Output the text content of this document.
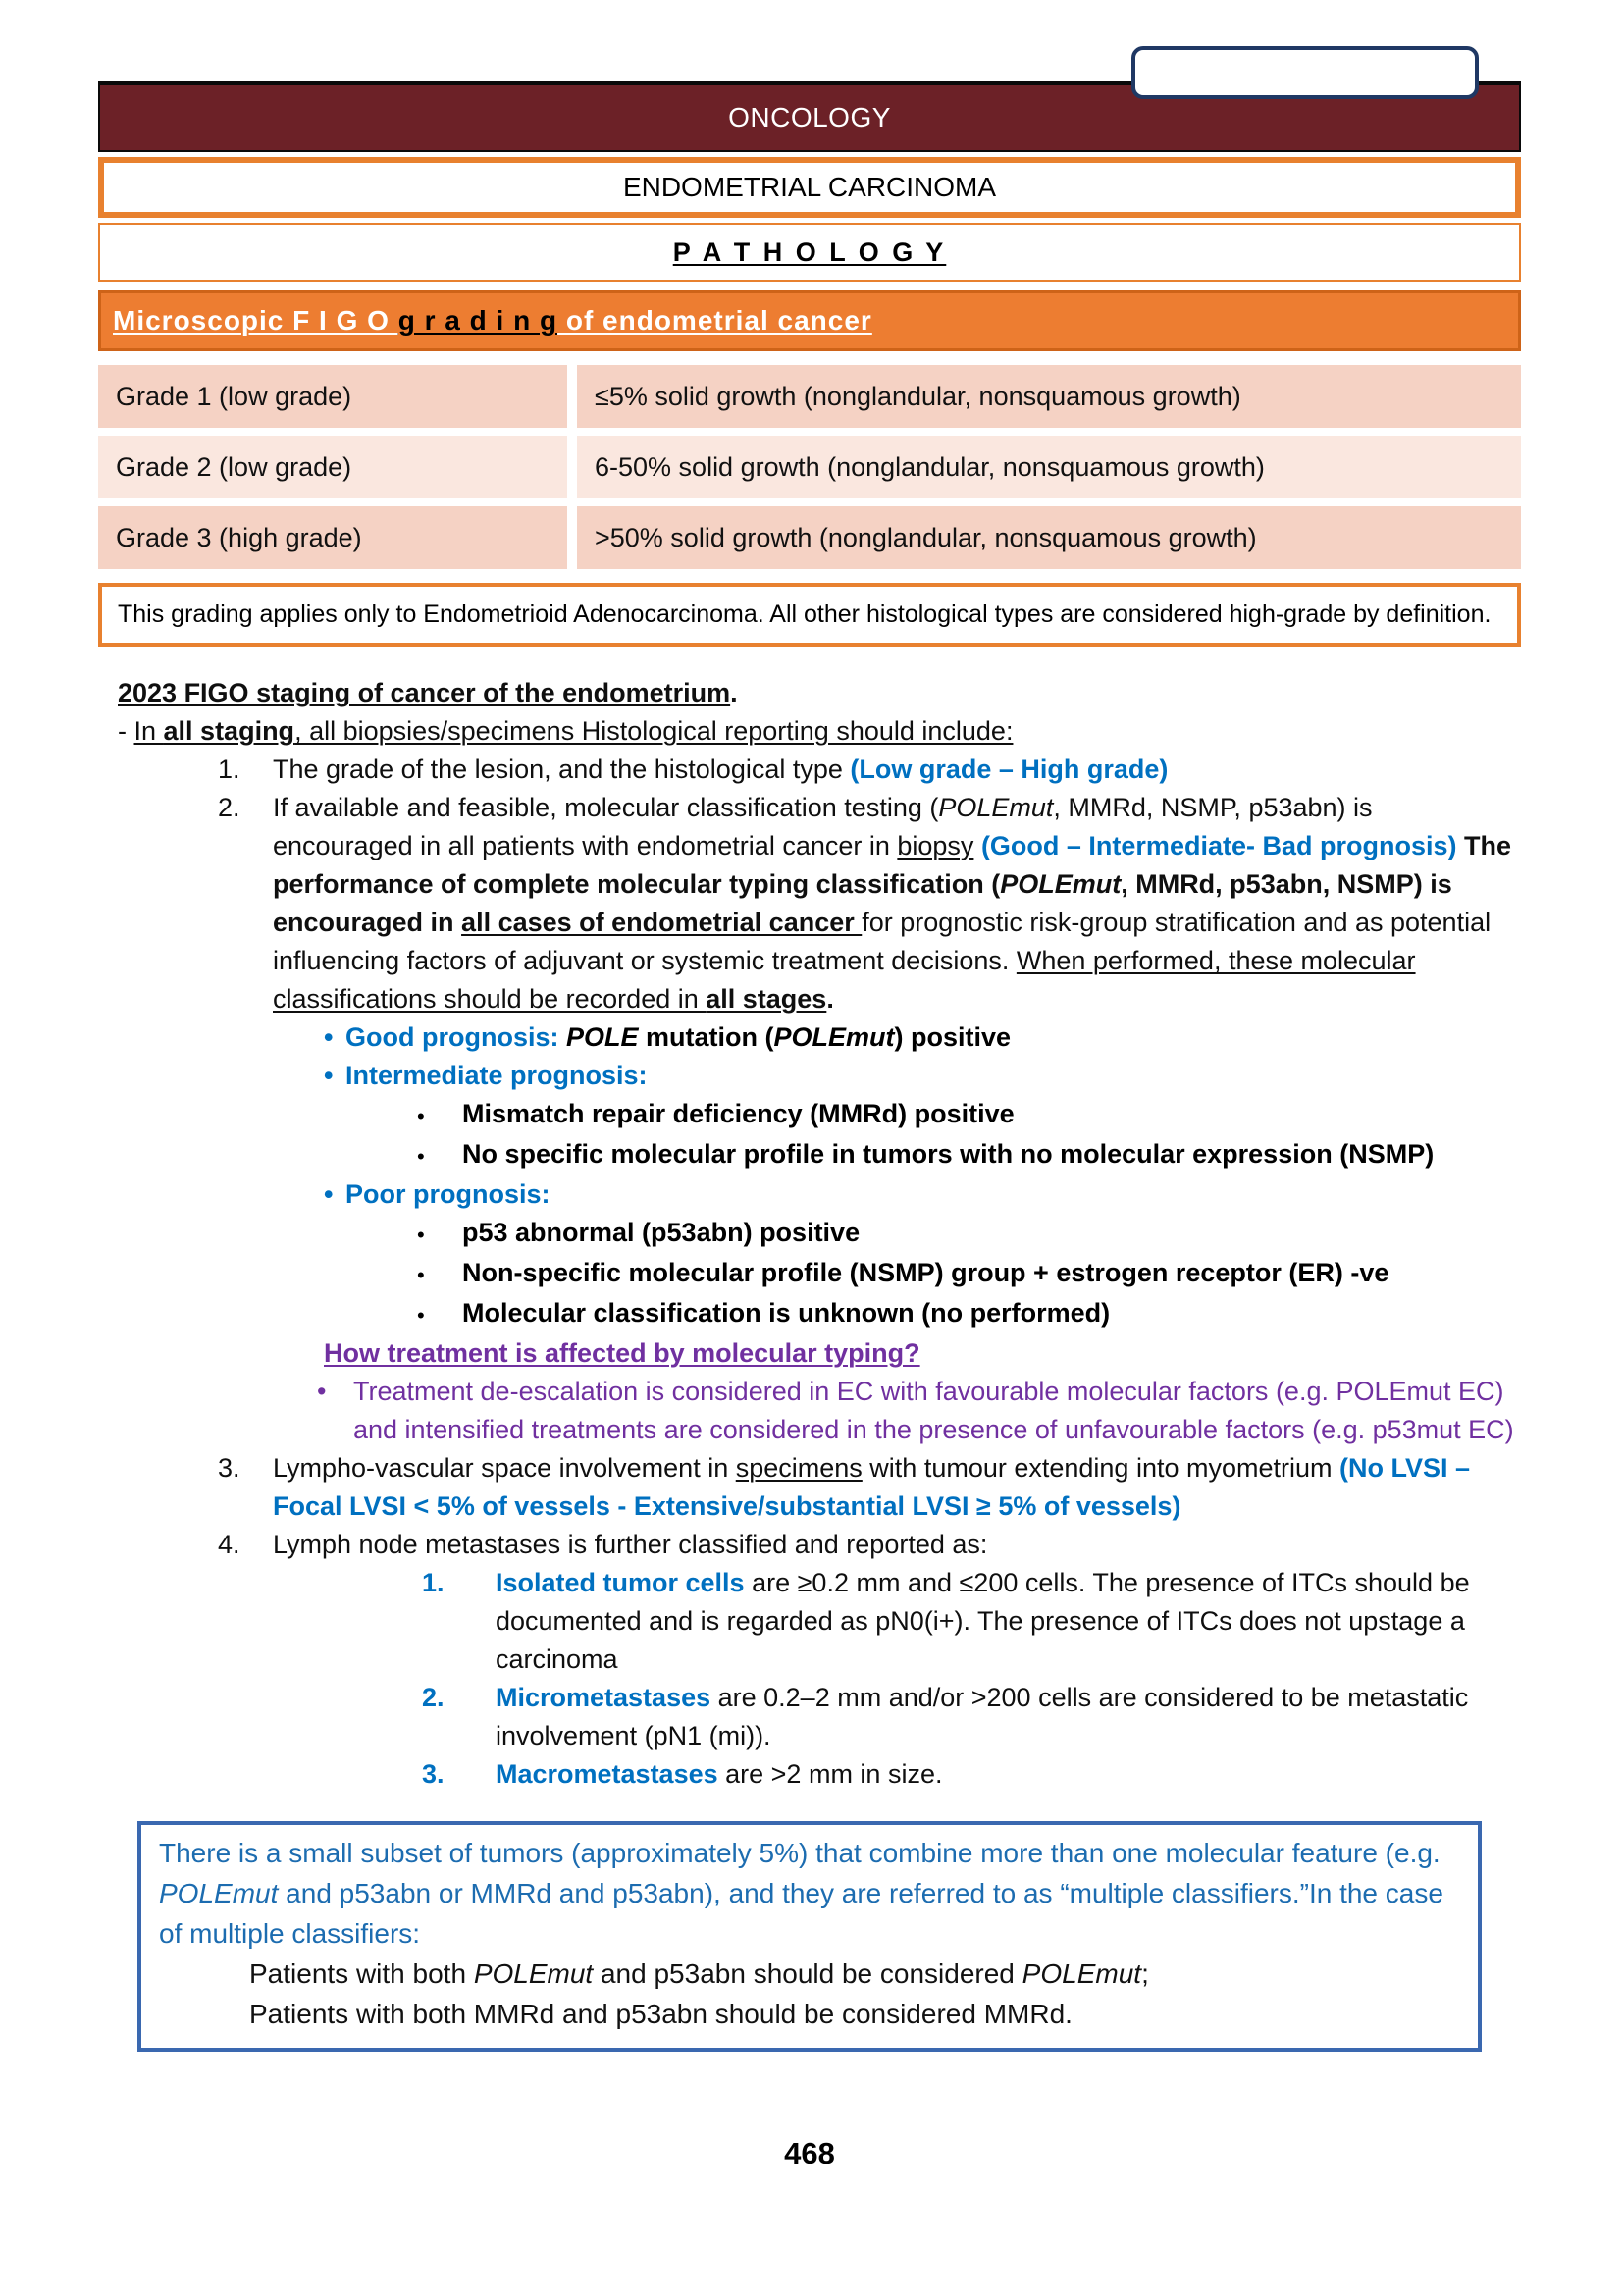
ONCOLOGY
ENDOMETRIAL CARCINOMA
P A T H O L O G Y
Microscopic F I G O g r a d i n g of endometrial cancer
Grade 1 (low grade)	≤5% solid growth (nonglandular, nonsquamous growth)
Grade 2 (low grade)	6-50% solid growth (nonglandular, nonsquamous growth)
Grade 3 (high grade)	>50% solid growth (nonglandular, nonsquamous growth)
This grading applies only to Endometrioid Adenocarcinoma. All other histological types are considered high-grade by definition.
2023 FIGO staging of cancer of the endometrium.
- In all staging, all biopsies/specimens Histological reporting should include:
1.	The grade of the lesion, and the histological type (Low grade – High grade)
2.	If available and feasible, molecular classification testing (POLEmut, MMRd, NSMP, p53abn) is encouraged in all patients with endometrial cancer in biopsy (Good – Intermediate- Bad prognosis) The performance of complete molecular typing classification (POLEmut, MMRd, p53abn, NSMP) is encouraged in all cases of endometrial cancer for prognostic risk-group stratification and as potential influencing factors of adjuvant or systemic treatment decisions. When performed, these molecular classifications should be recorded in all stages.
• Good prognosis: POLE mutation (POLEmut) positive
• Intermediate prognosis:
•	Mismatch repair deficiency (MMRd) positive
•	No specific molecular profile in tumors with no molecular expression (NSMP)
• Poor prognosis:
•	p53 abnormal (p53abn) positive
•	Non-specific molecular profile (NSMP) group + estrogen receptor (ER) -ve
•	Molecular classification is unknown (no performed)
How treatment is affected by molecular typing?
•	Treatment de-escalation is considered in EC with favourable molecular factors (e.g. POLEmut EC) and intensified treatments are considered in the presence of unfavourable factors (e.g. p53mut EC)
3.	Lympho-vascular space involvement in specimens with tumour extending into myometrium (No LVSI – Focal LVSI < 5% of vessels - Extensive/substantial LVSI ≥ 5% of vessels)
4.	Lymph node metastases is further classified and reported as:
1.	Isolated tumor cells are ≥0.2 mm and ≤200 cells. The presence of ITCs should be documented and is regarded as pN0(i+). The presence of ITCs does not upstage a carcinoma
2.	Micrometastases are 0.2–2 mm and/or >200 cells are considered to be metastatic involvement (pN1 (mi)).
3.	Macrometastases are >2 mm in size.
There is a small subset of tumors (approximately 5%) that combine more than one molecular feature (e.g. POLEmut and p53abn or MMRd and p53abn), and they are referred to as “multiple classifiers.”In the case of multiple classifiers:
Patients with both POLEmut and p53abn should be considered POLEmut;
Patients with both MMRd and p53abn should be considered MMRd.
468
